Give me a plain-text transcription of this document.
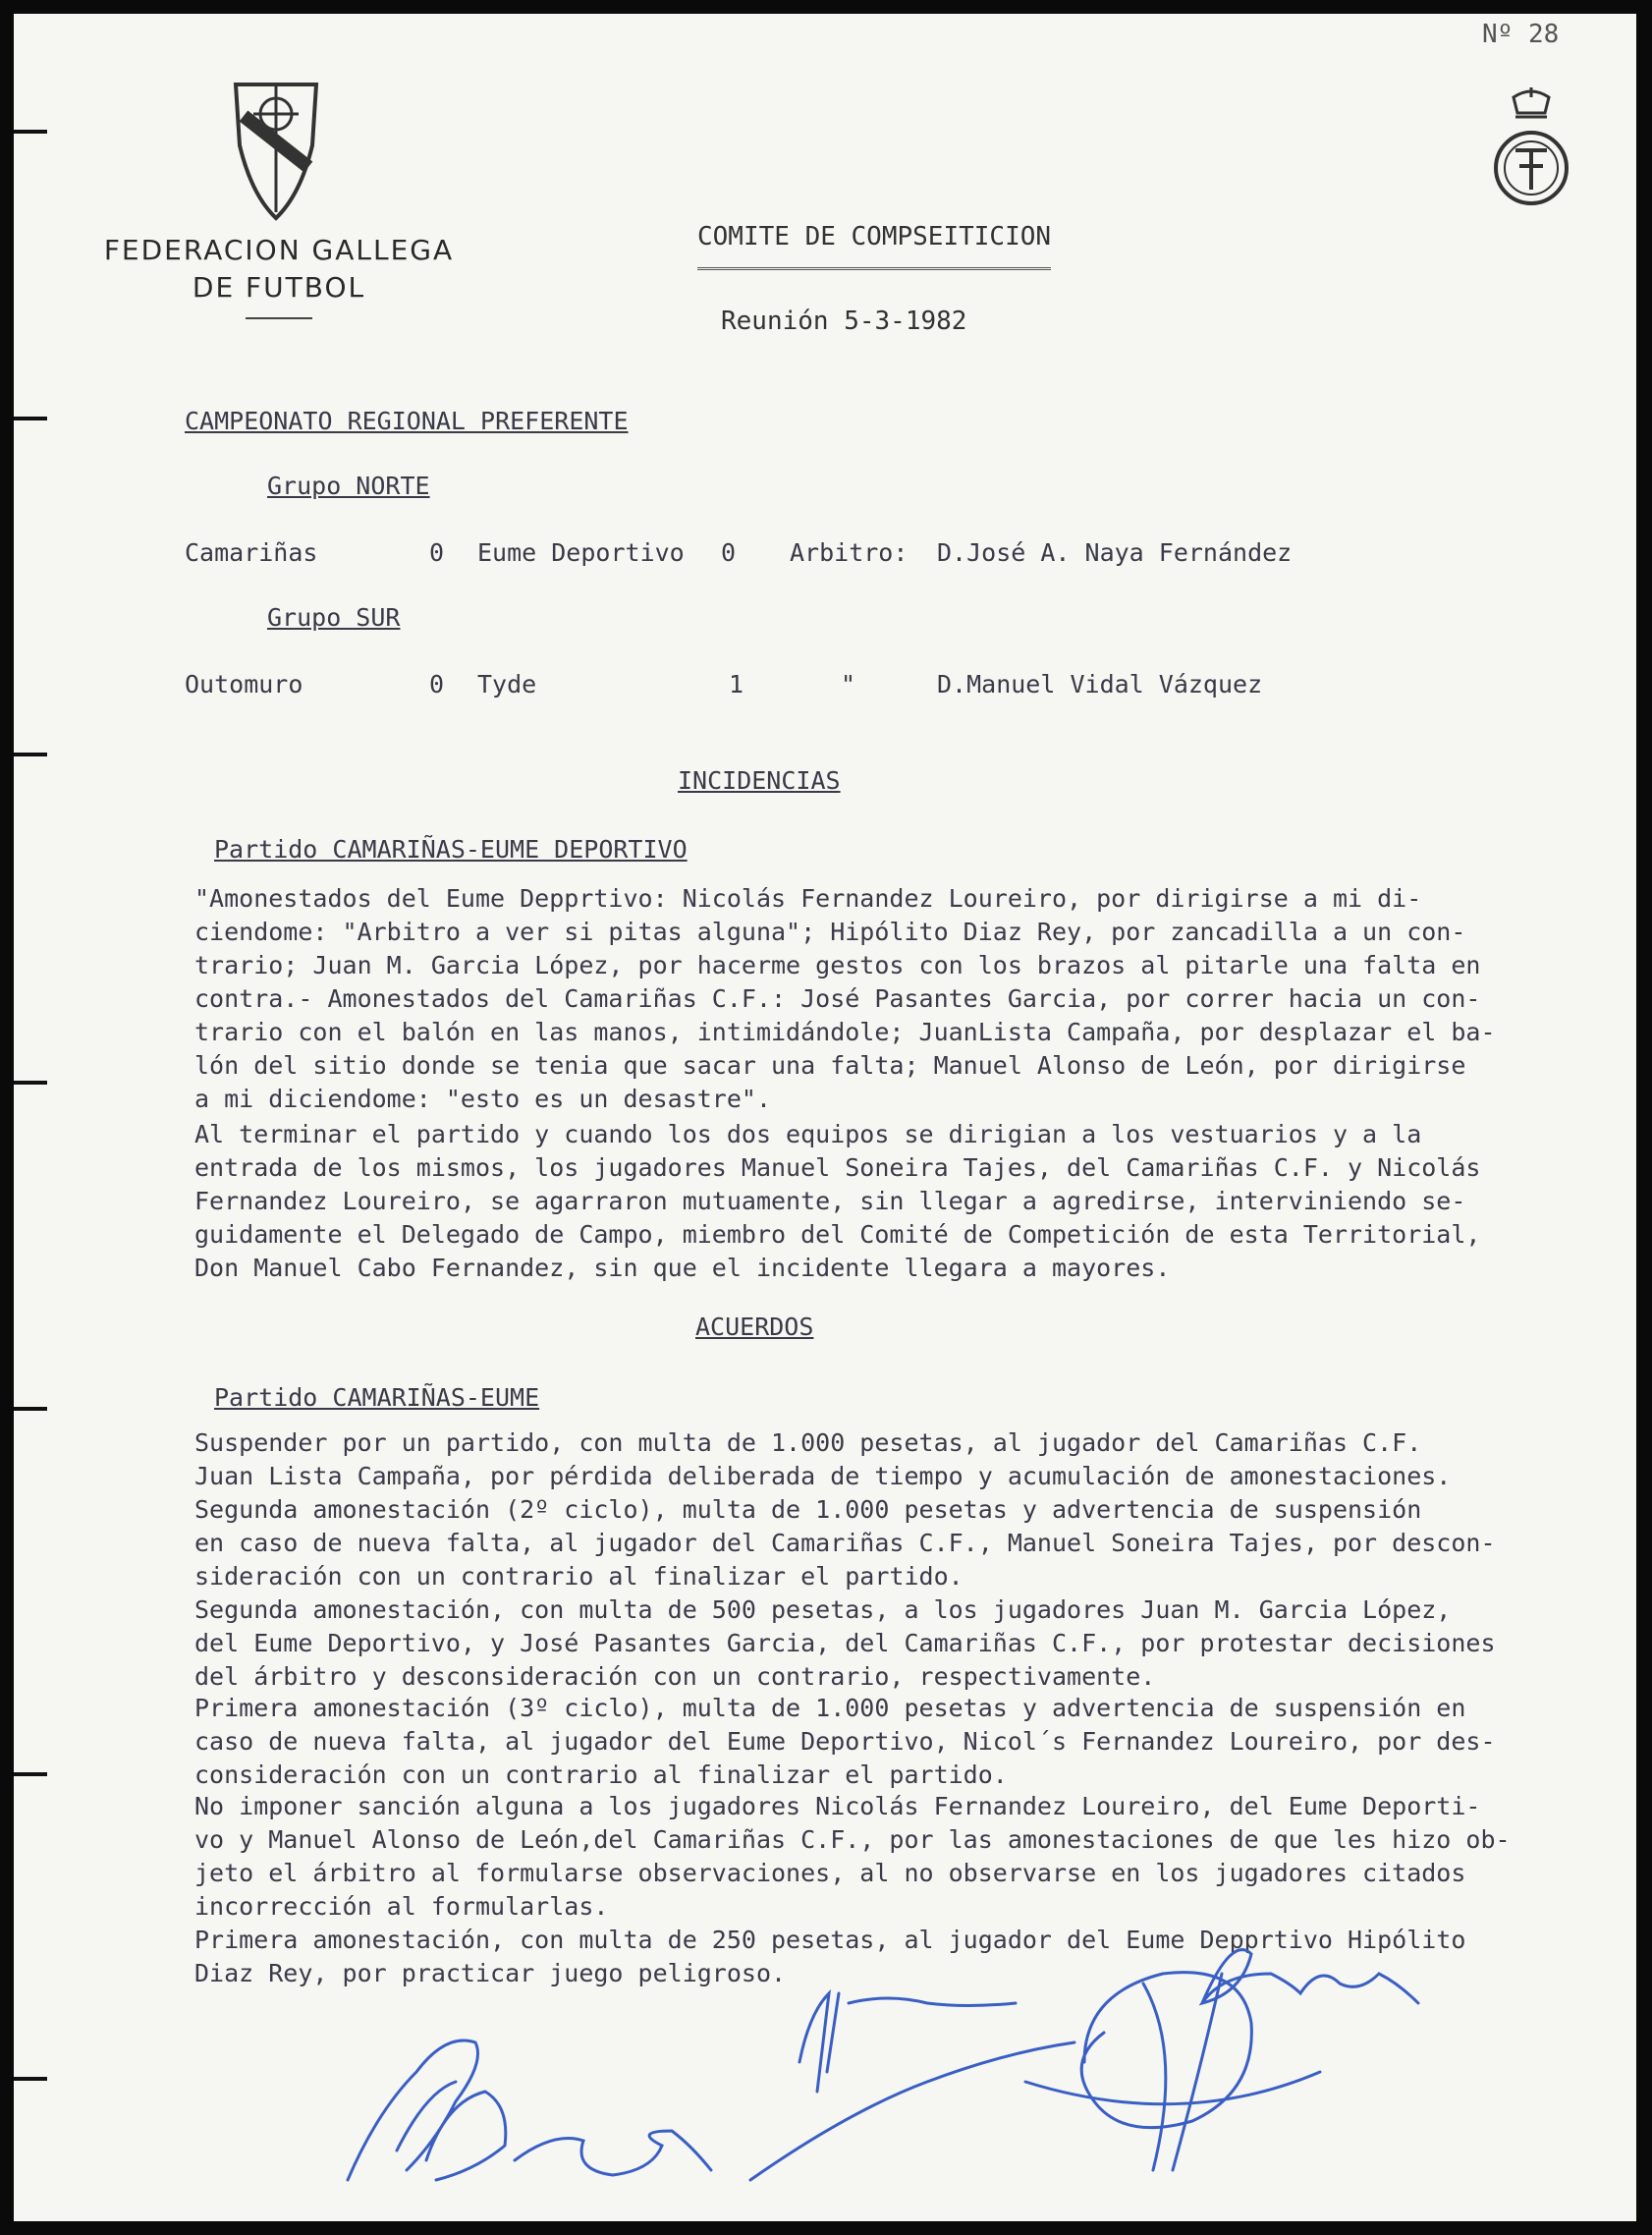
Nº 28
FEDERACION GALLEGA
DE FUTBOL
COMITE DE COMPSEITICION
Reunión 5-3-1982
CAMPEONATO REGIONAL PREFERENTE
Grupo NORTE
Camariñas	0 Eume Deportivo 0 Arbitro: D.José A. Naya Fernández
Grupo SUR
Outomuro	0 Tyde	1	"	D.Manuel Vidal Vázquez
INCIDENCIAS
Partido CAMARIÑAS-EUME DEPORTIVO

"Amonestados del Eume Depprtivo: Nicolás Fernandez Loureiro, por dirigirse a mi di-
ciendome: "Arbitro a ver si pitas alguna"; Hipólito Diaz Rey, por zancadilla a un con-
trario; Juan M. Garcia López, por hacerme gestos con los brazos al pitarle una falta en
contra.- Amonestados del Camariñas C.F.: José Pasantes Garcia, por correr hacia un con-
trario con el balón en las manos, intimidándole; JuanLista Campaña, por desplazar el ba-
lón del sitio donde se tenia que sacar una falta; Manuel Alonso de León, por dirigirse
a mi diciendome: "esto es un desastre".

Al terminar el partido y cuando los dos equipos se dirigian a los vestuarios y a la
entrada de los mismos, los jugadores Manuel Soneira Tajes, del Camariñas C.F. y Nicolás
Fernandez Loureiro, se agarraron mutuamente, sin llegar a agredirse, interviniendo se-
guidamente el Delegado de Campo, miembro del Comité de Competición de esta Territorial,
Don Manuel Cabo Fernandez, sin que el incidente llegara a mayores.

ACUERDOS
Partido CAMARIÑAS-EUME

Suspender por un partido, con multa de 1.000 pesetas, al jugador del Camariñas C.F.
Juan Lista Campaña, por pérdida deliberada de tiempo y acumulación de amonestaciones.

Segunda amonestación (2º ciclo), multa de 1.000 pesetas y advertencia de suspensión
en caso de nueva falta, al jugador del Camariñas C.F., Manuel Soneira Tajes, por descon-
sideración con un contrario al finalizar el partido.

Segunda amonestación, con multa de 500 pesetas, a los jugadores Juan M. Garcia López,
del Eume Deportivo, y José Pasantes Garcia, del Camariñas C.F., por protestar decisiones
del árbitro y desconsideración con un contrario, respectivamente.

Primera amonestación (3º ciclo), multa de 1.000 pesetas y advertencia de suspensión en
caso de nueva falta, al jugador del Eume Deportivo, Nicol´s Fernandez Loureiro, por des-
consideración con un contrario al finalizar el partido.

No imponer sanción alguna a los jugadores Nicolás Fernandez Loureiro, del Eume Deporti-
vo y Manuel Alonso de León,del Camariñas C.F., por las amonestaciones de que les hizo ob-
jeto el árbitro al formularse observaciones, al no observarse en los jugadores citados
incorrección al formularlas.

Primera amonestación, con multa de 250 pesetas, al jugador del Eume Depprtivo Hipólito
Diaz Rey, por practicar juego peligroso.
